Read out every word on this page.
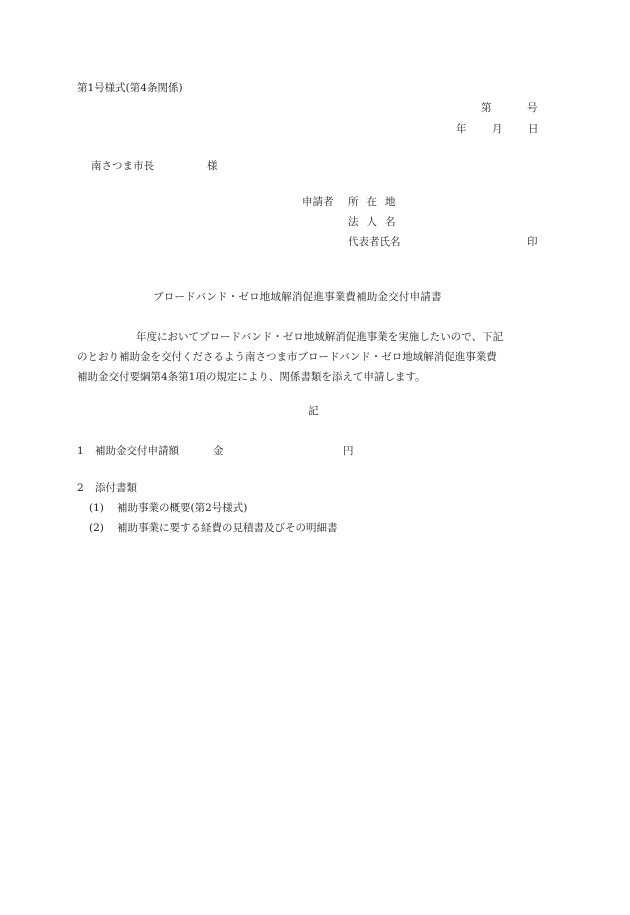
第1号様式(第4条関係)
第	号
年 月 日
南さつま市長	様
申請者 所在地
法人名
代表者氏名	印
ブロードバンド・ゼロ地域解消促進事業費補助金交付申請書
年度においてブロードバンド・ゼロ地域解消促進事業を実施したいので、下記
のとおり補助金を交付くださるよう南さつま市ブロードバンド・ゼロ地域解消促進事業費
補助金交付要綱第4条第1項の規定により、関係書類を添えて申請します。
記
1 補助金交付申請額	金	円
2 添付書類
(1) 補助事業の概要(第2号様式)
(2) 補助事業に要する経費の見積書及びその明細書
